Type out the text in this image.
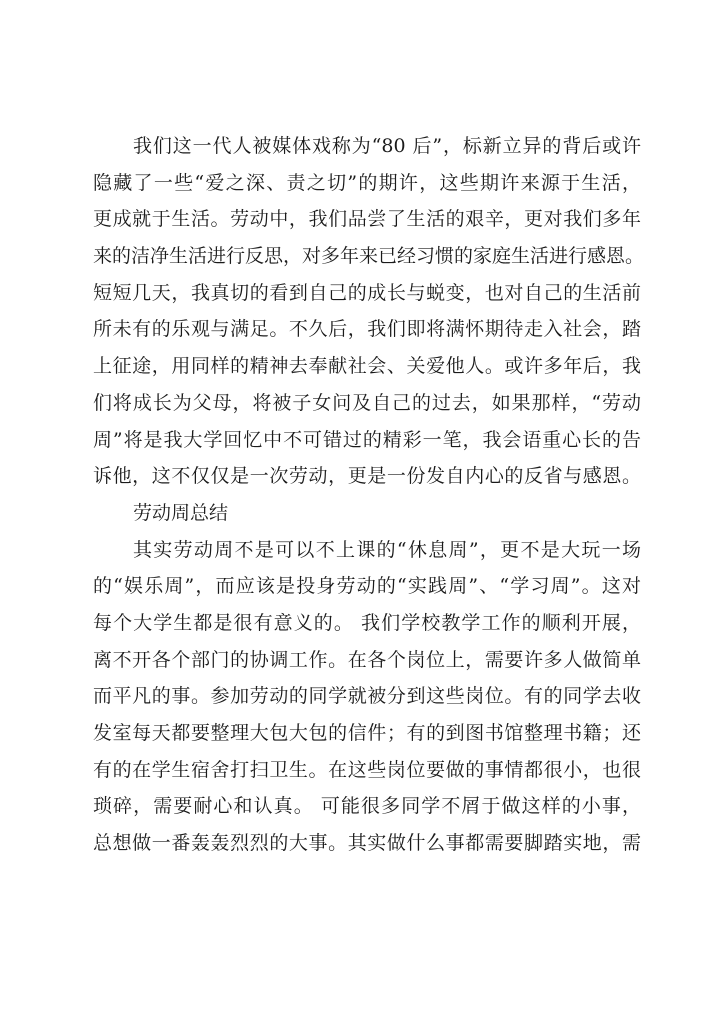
我们这一代人被媒体戏称为“80 后”，标新立异的背后或许
隐藏了一些“爱之深、责之切”的期许，这些期许来源于生活，
更成就于生活。劳动中，我们品尝了生活的艰辛，更对我们多年
来的洁净生活进行反思，对多年来已经习惯的家庭生活进行感恩。
短短几天，我真切的看到自己的成长与蜕变，也对自己的生活前
所未有的乐观与满足。不久后，我们即将满怀期待走入社会，踏
上征途，用同样的精神去奉献社会、关爱他人。或许多年后，我
们将成长为父母，将被子女问及自己的过去，如果那样，“劳动
周”将是我大学回忆中不可错过的精彩一笔，我会语重心长的告
诉他，这不仅仅是一次劳动，更是一份发自内心的反省与感恩。
劳动周总结
其实劳动周不是可以不上课的“休息周”，更不是大玩一场
的“娱乐周”，而应该是投身劳动的“实践周”、“学习周”。这对
每个大学生都是很有意义的。 我们学校教学工作的顺利开展，
离不开各个部门的协调工作。在各个岗位上，需要许多人做简单
而平凡的事。参加劳动的同学就被分到这些岗位。有的同学去收
发室每天都要整理大包大包的信件；有的到图书馆整理书籍；还
有的在学生宿舍打扫卫生。在这些岗位要做的事情都很小，也很
琐碎，需要耐心和认真。 可能很多同学不屑于做这样的小事，
总想做一番轰轰烈烈的大事。其实做什么事都需要脚踏实地，需
